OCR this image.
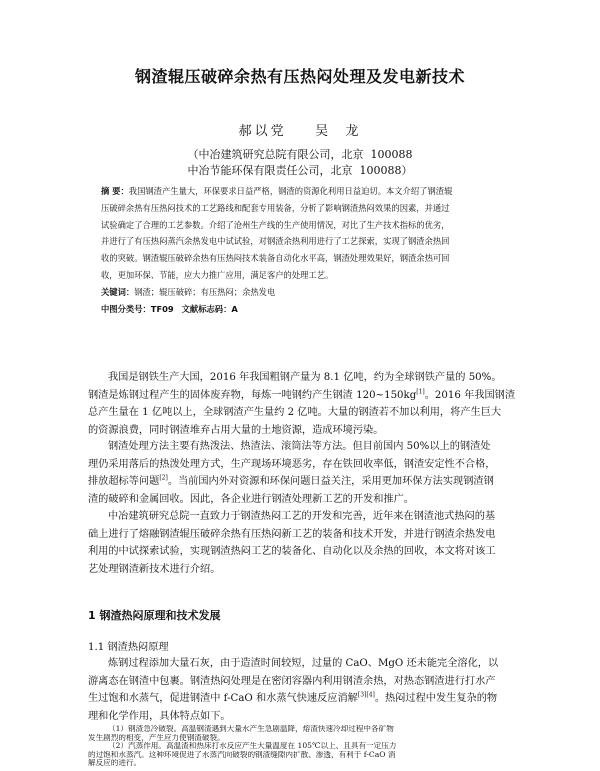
钢渣辊压破碎余热有压热闷处理及发电新技术
郝以党    吴  龙
（中冶建筑研究总院有限公司，北京  100088
中冶节能环保有限责任公司，北京  100088）
摘 要：我国钢渣产生量大，环保要求日益严格，钢渣的资源化利用日益迫切。本文介绍了钢渣辊
压破碎余热有压热闷技术的工艺路线和配套专用装备，分析了影响钢渣热闷效果的因素，并通过
试验确定了合理的工艺参数。介绍了沧州生产线的生产使用情况，对比了生产技术指标的优劣，
并进行了有压热闷蒸汽余热发电中试试验，对钢渣余热利用进行了工艺探索，实现了钢渣余热回
收的突破。钢渣辊压破碎余热有压热闷技术装备自动化水平高，钢渣处理效果好，钢渣余热可回
收，更加环保、节能，应大力推广应用，满足客户的处理工艺。
关键词：钢渣；辊压破碎；有压热闷；余热发电
中图分类号：TF09 文献标志码：A
我国是钢铁生产大国，2016 年我国粗钢产量为 8.1 亿吨，约为全球钢铁产量的 50%。
钢渣是炼钢过程产生的固体废弃物，每炼一吨钢约产生钢渣 120~150kg[1]。2016 年我国钢渣
总产生量在 1 亿吨以上，全球钢渣产生量约 2 亿吨。大量的钢渣若不加以利用，将产生巨大
的资源浪费，同时钢渣堆弃占用大量的土地资源，造成环境污染。
钢渣处理方法主要有热泼法、热渣法、滚筒法等方法。但目前国内 50%以上的钢渣处
理仍采用落后的热泼处理方式，生产现场环境恶劣，存在铁回收率低，钢渣安定性不合格，
排放超标等问题[2]。当前国内外对资源和环保问题日益关注，采用更加环保方法实现钢渣钢
渣的破碎和金属回收。因此，各企业进行钢渣处理新工艺的开发和推广。
中冶建筑研究总院一直致力于钢渣热闷工艺的开发和完善，近年来在钢渣池式热闷的基
础上进行了熔融钢渣辊压破碎余热有压热闷新工艺的装备和技术开发，并进行钢渣余热发电
利用的中试探索试验，实现钢渣热闷工艺的装备化、自动化以及余热的回收，本文将对该工
艺处理钢渣新技术进行介绍。
1 钢渣热闷原理和技术发展
1.1 钢渣热闷原理
炼钢过程添加大量石灰，由于造渣时间较短，过量的 CaO、MgO 还未能完全溶化，以
游离态在钢渣中包裹。钢渣热闷处理是在密闭容器内利用钢渣余热，对热态钢渣进行打水产
生过饱和水蒸气，促进钢渣中 f-CaO 和水蒸气快速反应消解[3][4]。热闷过程中发生复杂的物
理和化学作用，具体特点如下。
（1）钢渣急冷破裂。高温钢渣遇到大量水产生急剧温降，熔渣快速冷却过程中各矿物
发生剧烈的相变，产生应力使钢渣破裂。
（2）汽蒸作用。高温渣和热床打水反应产生大量温度在 105℃以上、且具有一定压力
的过饱和水蒸汽。这种环境促进了水蒸汽向破裂的钢渣缝隙内扩散、渗透，有利于 f-CaO 消
解反应的进行。
